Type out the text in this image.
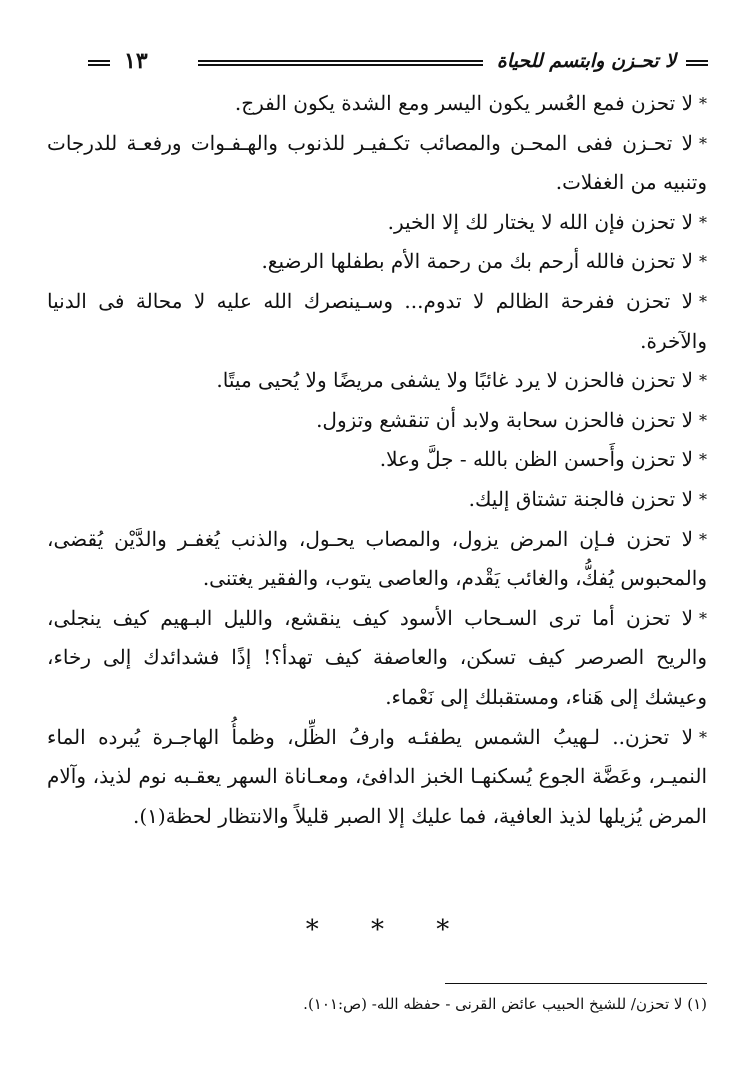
لا تحـزن وابتسم للحياة
١٣

*لا تحزن فمع العُسر يكون اليسر ومع الشدة يكون الفرج.

*لا تحـزن ففى المحـن والمصائب تكـفيـر للذنوب والهـفـوات ورفعـة للدرجات وتنبيه من الغفلات.

*لا تحزن فإن الله لا يختار لك إلا الخير.

*لا تحزن فالله أرحم بك من رحمة الأم بطفلها الرضيع.

*لا تحزن ففرحة الظالم لا تدوم... وسـينصرك الله عليه لا محالة فى الدنيا والآخرة.

*لا تحزن فالحزن لا يرد غائبًا ولا يشفى مريضًا ولا يُحيى ميتًا.

*لا تحزن فالحزن سحابة ولابد أن تنقشع وتزول.

*لا تحزن وأَحسن الظن بالله - جلَّ وعلا.

*لا تحزن فالجنة تشتاق إليك.

*لا تحزن فـإن المرض يزول، والمصاب يحـول، والذنب يُغفـر والدَّيْن يُقضى، والمحبوس يُفكُّ، والغائب يَقْدم، والعاصى يتوب، والفقير يغتنى.

*لا تحزن أما ترى السـحاب الأسود كيف ينقشع، والليل البـهيم كيف ينجلى، والريح الصرصر كيف تسكن، والعاصفة كيف تهدأ؟! إذًا فشدائدك إلى رخاء، وعيشك إلى هَناء، ومستقبلك إلى نَعْماء.

*لا تحزن.. لـهيبُ الشمس يطفئـه وارفُ الظِّل، وظمأُ الهاجـرة يُبرده الماء النميـر، وعَضَّة الجوع يُسكنهـا الخبز الدافئ، ومعـاناة السهر يعقـبه نوم لذيذ، وآلام المرض يُزيلها لذيذ العافية، فما عليك إلا الصبر قليلاً والانتظار لحظة(١).

* * *
(١) لا تحزن/ للشيخ الحبيب عائض القرنى - حفظه الله- (ص:١٠١).
